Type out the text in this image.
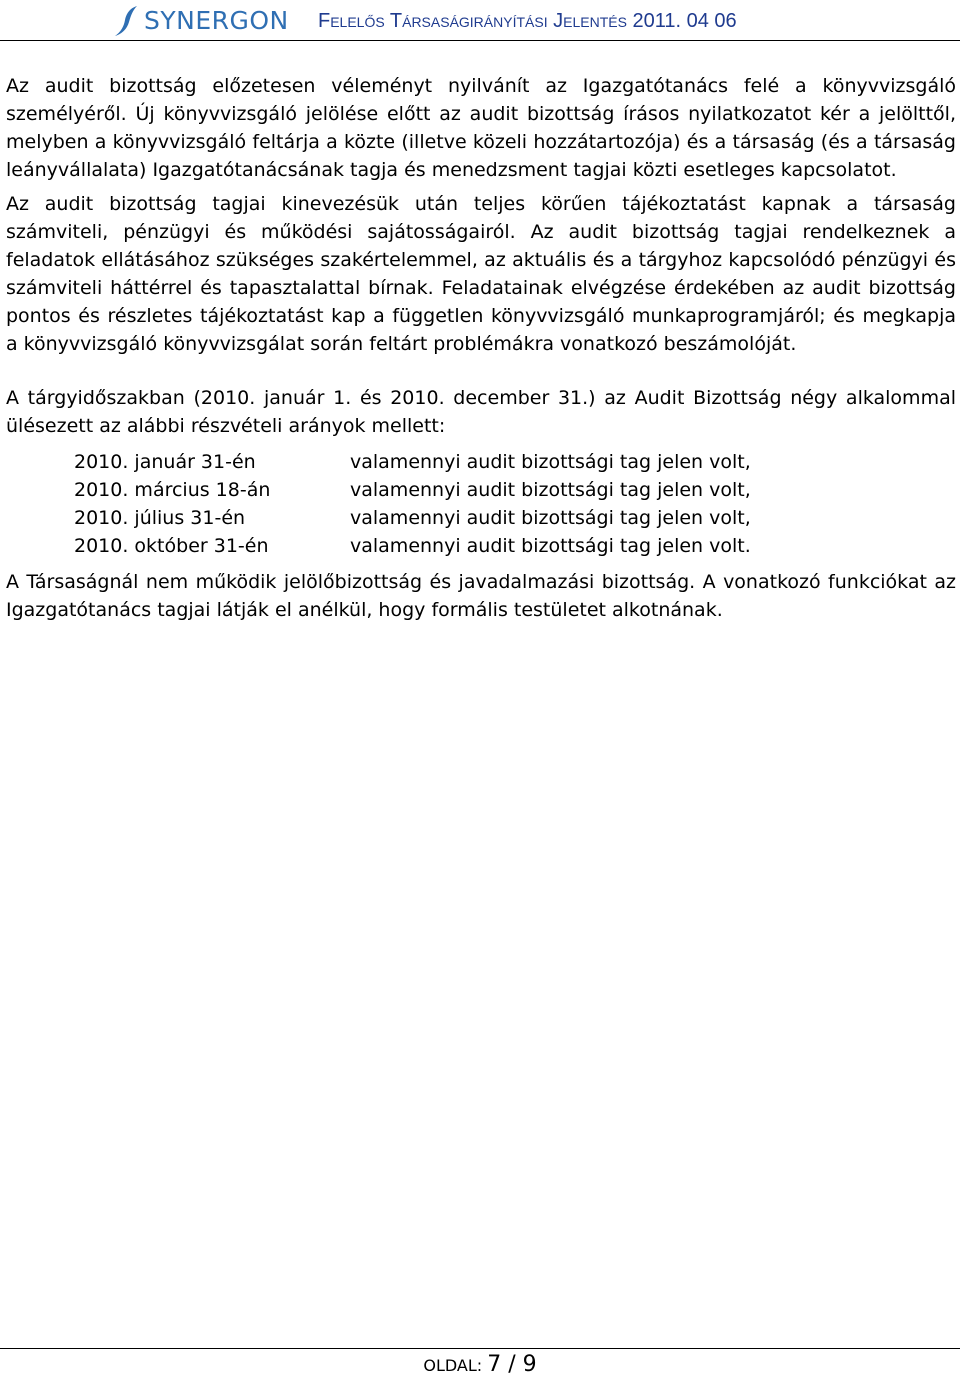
SYNERGON Felelős Társaságirányítási Jelentés 2011. 04 06

Az audit bizottság előzetesen véleményt nyilvánít az Igazgatótanács felé a könyvvizsgáló személyéről. Új könyvvizsgáló jelölése előtt az audit bizottság írásos nyilatkozatot kér a jelölttől, melyben a könyvvizsgáló feltárja a közte (illetve közeli hozzátartozója) és a társaság (és a társaság leányvállalata) Igazgatótanácsának tagja és menedzsment tagjai közti esetleges kapcsolatot.

Az audit bizottság tagjai kinevezésük után teljes körűen tájékoztatást kapnak a társaság számviteli, pénzügyi és működési sajátosságairól. Az audit bizottság tagjai rendelkeznek a feladatok ellátásához szükséges szakértelemmel, az aktuális és a tárgyhoz kapcsolódó pénzügyi és számviteli háttérrel és tapasztalattal bírnak. Feladatainak elvégzése érdekében az audit bizottság pontos és részletes tájékoztatást kap a független könyvvizsgáló munkaprogramjáról; és megkapja a könyvvizsgáló könyvvizsgálat során feltárt problémákra vonatkozó beszámolóját.

A tárgyidőszakban (2010. január 1. és 2010. december 31.) az Audit Bizottság négy alkalommal ülésezett az alábbi részvételi arányok mellett:

2010. január 31-én	valamennyi audit bizottsági tag jelen volt,
2010. március 18-án	valamennyi audit bizottsági tag jelen volt,
2010. július 31-én	valamennyi audit bizottsági tag jelen volt,
2010. október 31-én	valamennyi audit bizottsági tag jelen volt.

A Társaságnál nem működik jelölőbizottság és javadalmazási bizottság. A vonatkozó funkciókat az Igazgatótanács tagjai látják el anélkül, hogy formális testületet alkotnának.

OLDAL: 7 / 9
